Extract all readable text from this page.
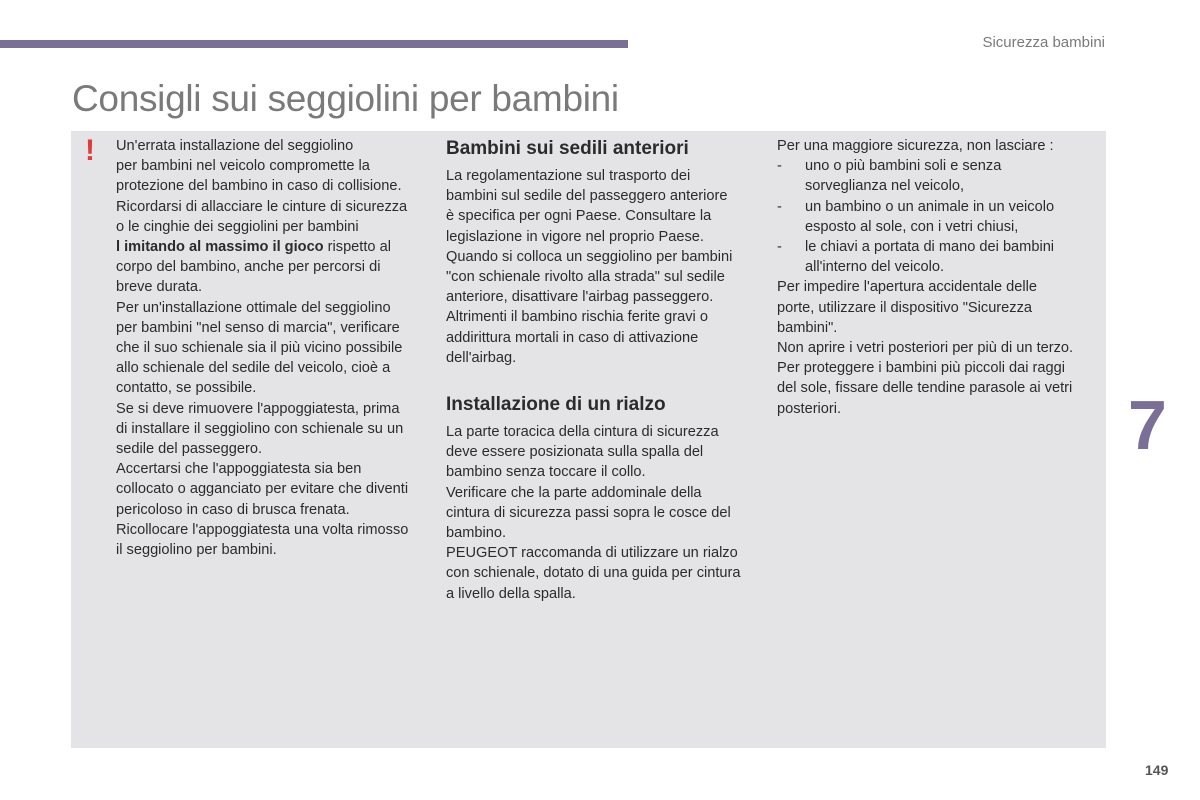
Sicurezza bambini
Consigli sui seggiolini per bambini
! Un'errata installazione del seggiolino

per bambini nel veicolo compromette la

protezione del bambino in caso di collisione.

Ricordarsi di allacciare le cinture di sicurezza

o le cinghie dei seggiolini per bambini

l imitando al massimo il gioco rispetto al

corpo del bambino, anche per percorsi di

breve durata.

Per un'installazione ottimale del seggiolino

per bambini "nel senso di marcia", verificare

che il suo schienale sia il più vicino possibile

allo schienale del sedile del veicolo, cioè a

contatto, se possibile.

Se si deve rimuovere l'appoggiatesta, prima

di installare il seggiolino con schienale su un

sedile del passeggero.

Accertarsi che l'appoggiatesta sia ben

collocato o agganciato per evitare che diventi

pericoloso in caso di brusca frenata.

Ricollocare l'appoggiatesta una volta rimosso

il seggiolino per bambini.

Bambini sui sedili anteriori

La regolamentazione sul trasporto dei

bambini sul sedile del passeggero anteriore

è specifica per ogni Paese. Consultare la

legislazione in vigore nel proprio Paese.

Quando si colloca un seggiolino per bambini

"con schienale rivolto alla strada" sul sedile

anteriore, disattivare l'airbag passeggero.

Altrimenti il bambino rischia ferite gravi o

addirittura mortali in caso di attivazione

dell'airbag.

Installazione di un rialzo

La parte toracica della cintura di sicurezza

deve essere posizionata sulla spalla del

bambino senza toccare il collo.

Verificare che la parte addominale della

cintura di sicurezza passi sopra le cosce del

bambino.

PEUGEOT raccomanda di utilizzare un rialzo

con schienale, dotato di una guida per cintura

a livello della spalla.

Per una maggiore sicurezza, non lasciare :

-	uno o più bambini soli e senza

sorveglianza nel veicolo,

-	un bambino o un animale in un veicolo

esposto al sole, con i vetri chiusi,

-	le chiavi a portata di mano dei bambini

all'interno del veicolo.

Per impedire l'apertura accidentale delle

porte, utilizzare il dispositivo "Sicurezza

bambini".

Non aprire i vetri posteriori per più di un terzo.

Per proteggere i bambini più piccoli dai raggi

del sole, fissare delle tendine parasole ai vetri

posteriori.	7
149
